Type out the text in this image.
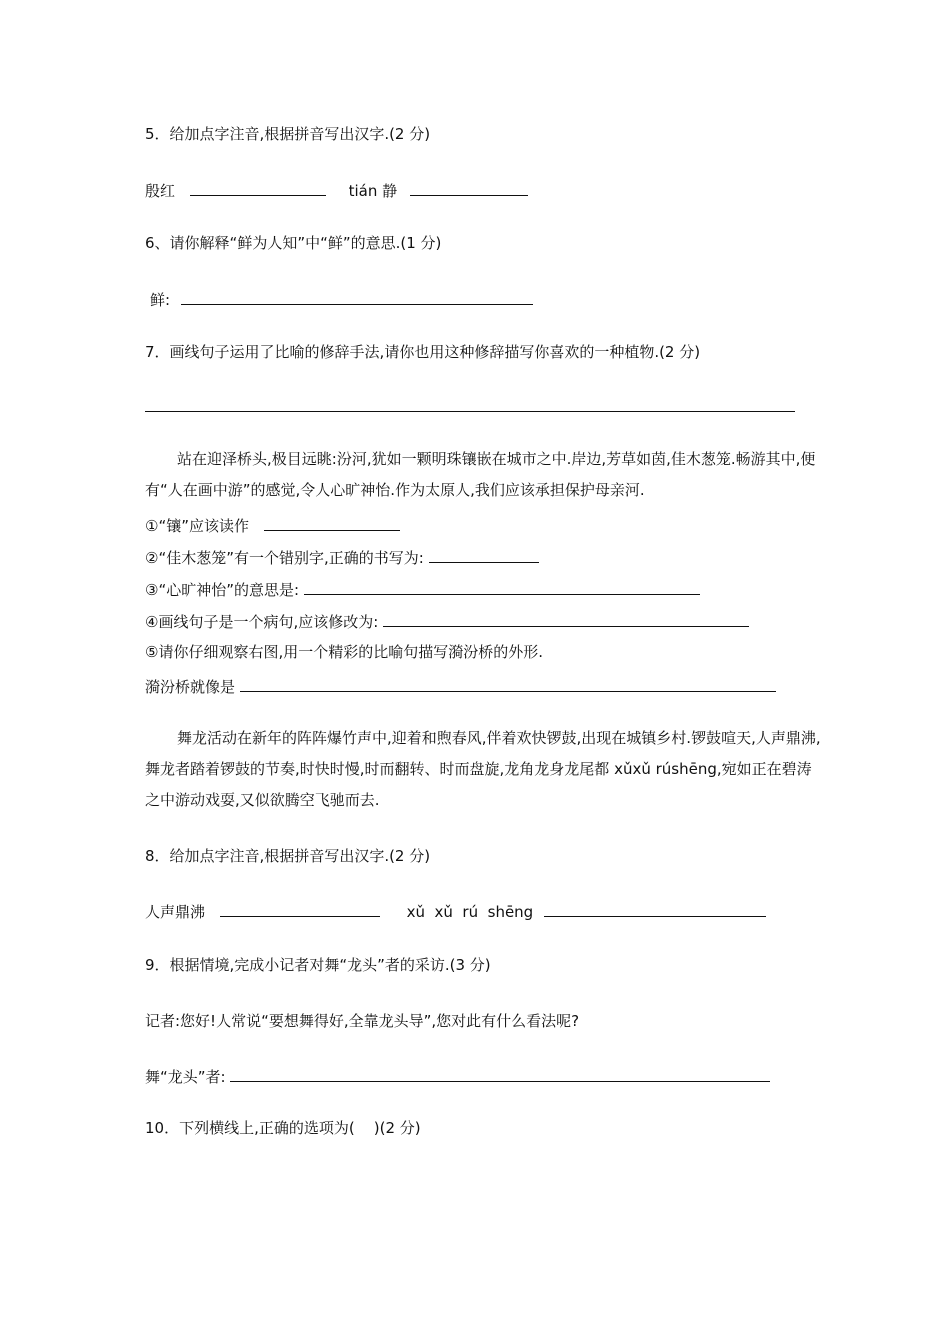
5．给加点字注音,根据拼音写出汉字.(2 分)
殷红	tián 静
6、请你解释“鲜为人知”中“鲜”的意思.(1 分)
鲜:
7．画线句子运用了比喻的修辞手法,请你也用这种修辞描写你喜欢的一种植物.(2 分)
站在迎泽桥头,极目远眺:汾河,犹如一颗明珠镶嵌在城市之中.岸边,芳草如茵,佳木葱笼.畅游其中,便有“人在画中游”的感觉,令人心旷神怡.作为太原人,我们应该承担保护母亲河.
①“镶”应该读作
②“佳木葱笼”有一个错别字,正确的书写为:
③“心旷神怡”的意思是:
④画线句子是一个病句,应该修改为:
⑤请你仔细观察右图,用一个精彩的比喻句描写漪汾桥的外形.
漪汾桥就像是
舞龙活动在新年的阵阵爆竹声中,迎着和煦春风,伴着欢快锣鼓,出现在城镇乡村.锣鼓喧天,人声鼎沸,舞龙者踏着锣鼓的节奏,时快时慢,时而翻转、时而盘旋,龙角龙身龙尾都 xǔxǔ rúshēng,宛如正在碧涛之中游动戏耍,又似欲腾空飞驰而去.
8．给加点字注音,根据拼音写出汉字.(2 分)
人声鼎沸	xǔ  xǔ  rú  shēng
9．根据情境,完成小记者对舞“龙头”者的采访.(3 分)
记者:您好!人常说“要想舞得好,全靠龙头导”,您对此有什么看法呢?
舞“龙头”者:
10．下列横线上,正确的选项为(    )(2 分)
